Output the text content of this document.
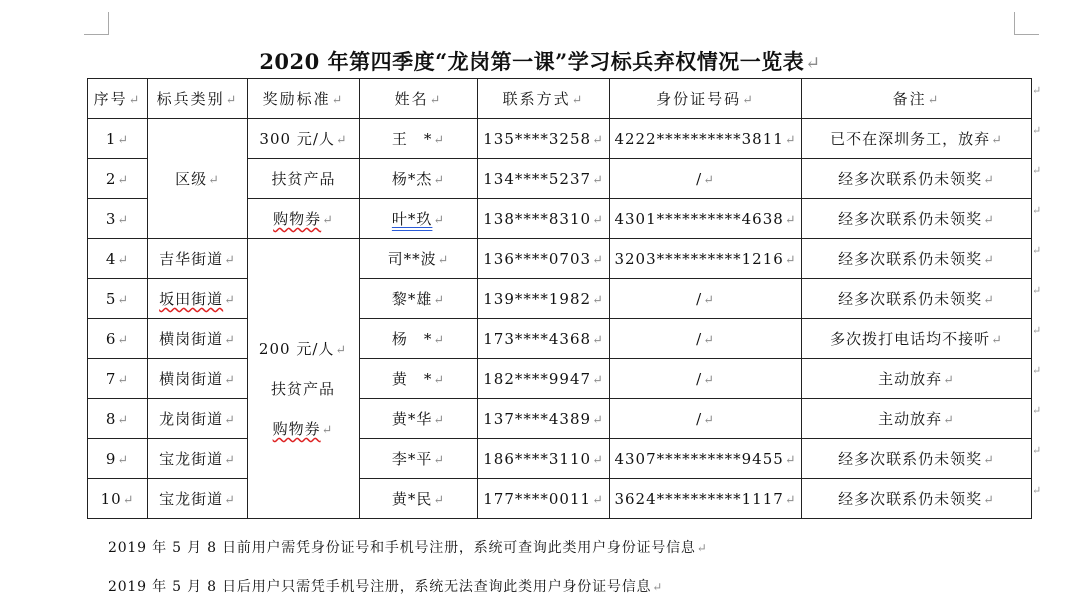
2020 年第四季度“龙岗第一课”学习标兵弃权情况一览表↵
序号↵	标兵类别↵	奖励标准↵	姓名↵	联系方式↵	身份证号码↵	备注↵
1↵	区级↵	300 元/人↵	王　*↵	135****3258↵	4222**********3811↵	已不在深圳务工，放弃↵
2↵		扶贫产品	杨*杰↵	134****5237↵	/↵	经多次联系仍未领奖↵
3↵		购物券↵	叶*玖↵	138****8310↵	4301**********4638↵	经多次联系仍未领奖↵
4↵	吉华街道↵		司**波↵	136****0703↵	3203**********1216↵	经多次联系仍未领奖↵
5↵	坂田街道↵		黎*雄↵	139****1982↵	/↵	经多次联系仍未领奖↵
6↵	横岗街道↵		杨　*↵	173****4368↵	/↵	多次拨打电话均不接听↵
7↵	横岗街道↵		黄　*↵	182****9947↵	/↵	主动放弃↵
8↵	龙岗街道↵		黄*华↵	137****4389↵	/↵	主动放弃↵
9↵	宝龙街道↵		李*平↵	186****3110↵	4307**********9455↵	经多次联系仍未领奖↵
10↵	宝龙街道↵		黄*民↵	177****0011↵	3624**********1117↵	经多次联系仍未领奖↵
200 元/人↵
扶贫产品
购物券↵
↵
↵
↵
↵
↵
↵
↵
↵
↵
↵
↵
2019 年 5 月 8 日前用户需凭身份证号和手机号注册，系统可查询此类用户身份证号信息↵
2019 年 5 月 8 日后用户只需凭手机号注册，系统无法查询此类用户身份证号信息↵
